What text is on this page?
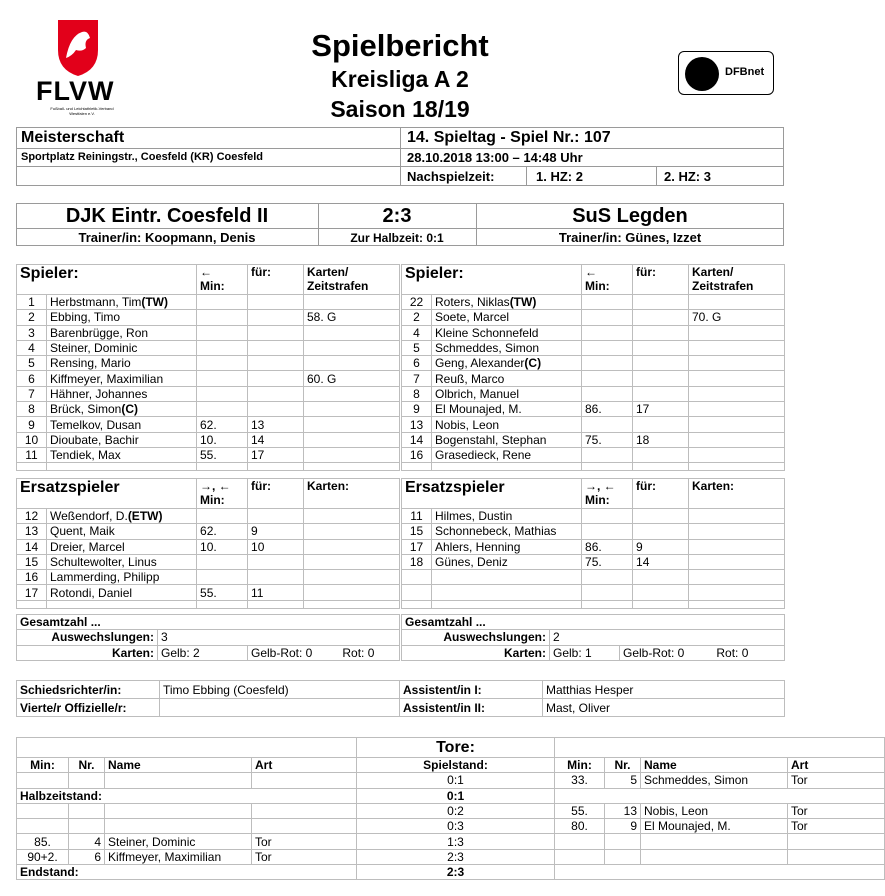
FLVW
Fußball- und Leichtathletik-Verband Westfalen e.V.
DFBnet
Spielbericht
Kreisliga A 2
Saison 18/19
Meisterschaft
Sportplatz Reiningstr., Coesfeld (KR) Coesfeld
14. Spieltag - Spiel Nr.: 107
28.10.2018 13:00 – 14:48 Uhr
Nachspielzeit:	1. HZ: 2	2. HZ: 3
DJK Eintr. Coesfeld II	2:3	SuS Legden
Trainer/in: Koopmann, Denis	Zur Halbzeit: 0:1	Trainer/in: Günes, Izzet
Spieler:		←
Min:	für:	Karten/
Zeitstrafen
1	Herbstmann, Tim(TW)			
2	Ebbing, Timo			58. G
3	Barenbrügge, Ron			
4	Steiner, Dominic			
5	Rensing, Mario			
6	Kiffmeyer, Maximilian			60. G
7	Hähner, Johannes			
8	Brück, Simon(C)			
9	Temelkov, Dusan	62.	13	
10	Dioubate, Bachir	10.	14	
11	Tendiek, Max	55.	17	

Spieler:		←
Min:	für:	Karten/
Zeitstrafen
22	Roters, Niklas(TW)			
2	Soete, Marcel			70. G
4	Kleine Schonnefeld			
5	Schmeddes, Simon			
6	Geng, Alexander(C)			
7	Reuß, Marco			
8	Olbrich, Manuel			
9	El Mounajed, M.	86.	17	
13	Nobis, Leon			
14	Bogenstahl, Stephan	75.	18	
16	Grasedieck, Rene			

Ersatzspieler		→, ←
Min:	für:	Karten:
12	Weßendorf, D.(ETW)			
13	Quent, Maik	62.	9	
14	Dreier, Marcel	10.	10	
15	Schultewolter, Linus			
16	Lammerding, Philipp			
17	Rotondi, Daniel	55.	11	

Ersatzspieler		→, ←
Min:	für:	Karten:
11	Hilmes, Dustin			
15	Schonnebeck, Mathias			
17	Ahlers, Henning	86.	9	
18	Günes, Deniz	75.	14	

Gesamtzahl ...		
Auswechslungen:	3	
Karten:	Gelb: 2	Gelb-Rot: 0 Rot: 0
Gesamtzahl ...		
Auswechslungen:	2	
Karten:	Gelb: 1	Gelb-Rot: 0 Rot: 0
Schiedsrichter/in:	Timo Ebbing (Coesfeld)	Assistent/in I:	Matthias Hesper
Vierte/r Offizielle/r:		Assistent/in II:	Mast, Oliver
				Tore:				
Min:	Nr.	Name	Art	Spielstand:	Min:	Nr.	Name	Art
				0:1	33.	5	Schmeddes, Simon	Tor
Halbzeitstand:				0:1				
				0:2	55.	13	Nobis, Leon	Tor
				0:3	80.	9	El Mounajed, M.	Tor
85.	4	Steiner, Dominic	Tor	1:3				
90+2.	6	Kiffmeyer, Maximilian	Tor	2:3				
Endstand:				2:3				
